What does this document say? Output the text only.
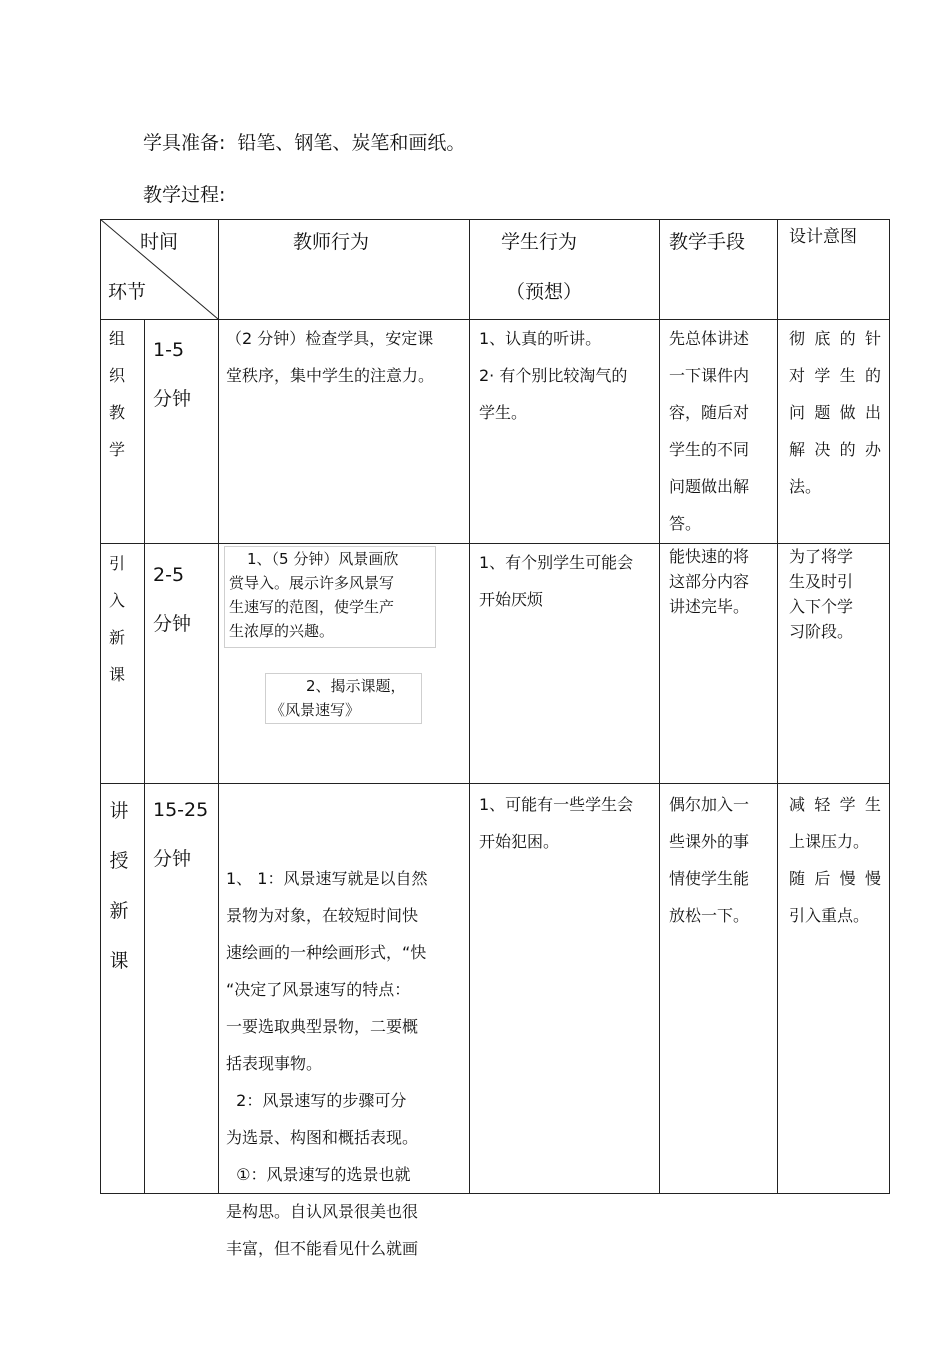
学具准备: 铅笔、钢笔、炭笔和画纸。
教学过程:
时间
环节
教师行为	学生行为
（预想）
教学手段	设计意图
组
织
教
学
1-5
分钟
（2 分钟）检查学具，安定课
堂秩序，集中学生的注意力。
1、认真的听讲。
2· 有个别比较淘气的
学生。
先总体讲述
一下课件内
容，随后对
学生的不同
问题做出解
答。
彻底的针
对学生的
问题做出
解决的办
法。
引
入
新
课
2-5
分钟
1、（5 分钟）风景画欣
赏导入。展示许多风景写
生速写的范图，使学生产
生浓厚的兴趣。
2、揭示课题，
《风景速写》
1、有个别学生可能会
开始厌烦
能快速的将
这部分内容
讲述完毕。
为了将学
生及时引
入下个学
习阶段。
讲
授
新
课
15-25
分钟

1、 1：风景速写就是以自然
景物为对象，在较短时间快
速绘画的一种绘画形式，“快
“决定了风景速写的特点：
一要选取典型景物，二要概
括表现事物。
2：风景速写的步骤可分
为选景、构图和概括表现。
①：风景速写的选景也就
是构思。自认风景很美也很
丰富，但不能看见什么就画

1、可能有一些学生会
开始犯困。
偶尔加入一
些课外的事
情使学生能
放松一下。
减轻学生
上课压力。
随后慢慢
引入重点。
